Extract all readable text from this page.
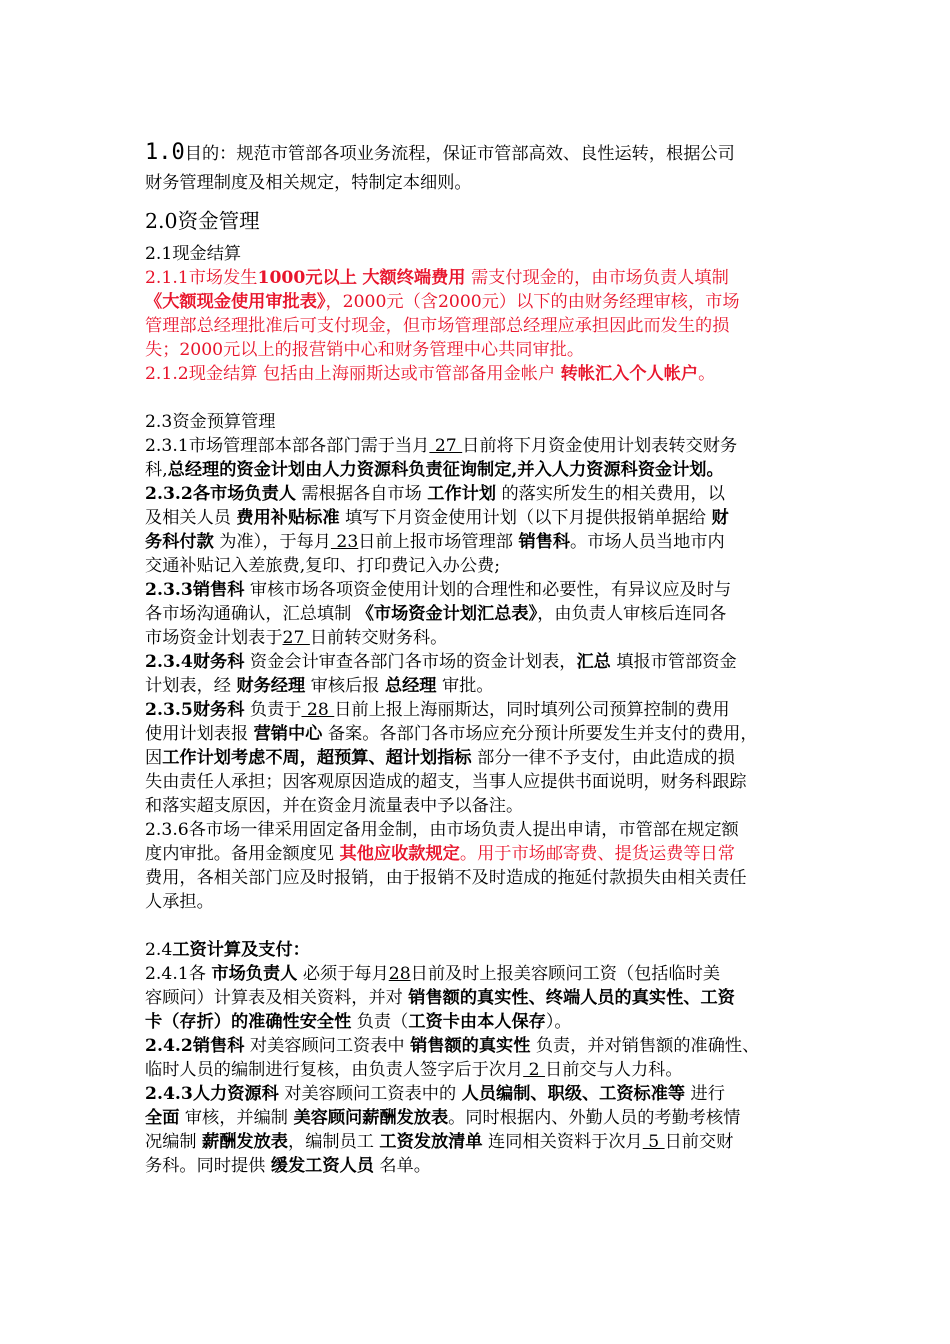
1.0目的：规范市管部各项业务流程，保证市管部高效、良性运转，根据公司
财务管理制度及相关规定，特制定本细则。
2.0资金管理
2.1现金结算
2.1.1市场发生1000元以上 大额终端费用 需支付现金的，由市场负责人填制
《大额现金使用审批表》，2000元（含2000元）以下的由财务经理审核，市场
管理部总经理批准后可支付现金，但市场管理部总经理应承担因此而发生的损
失；2000元以上的报营销中心和财务管理中心共同审批。
2.1.2现金结算 包括由上海丽斯达或市管部备用金帐户 转帐汇入个人帐户。
2.3资金预算管理
2.3.1市场管理部本部各部门需于当月 27 日前将下月资金使用计划表转交财务
科,总经理的资金计划由人力资源科负责征询制定,并入人力资源科资金计划。
2.3.2各市场负责人 需根据各自市场 工作计划 的落实所发生的相关费用，以
及相关人员 费用补贴标准 填写下月资金使用计划（以下月提供报销单据给 财
务科付款 为准），于每月 23日前上报市场管理部 销售科。市场人员当地市内
交通补贴记入差旅费,复印、打印费记入办公费;
2.3.3销售科 审核市场各项资金使用计划的合理性和必要性，有异议应及时与
各市场沟通确认，汇总填制 《市场资金计划汇总表》，由负责人审核后连同各
市场资金计划表于27 日前转交财务科。
2.3.4财务科 资金会计审查各部门各市场的资金计划表，汇总 填报市管部资金
计划表，经 财务经理 审核后报 总经理 审批。
2.3.5财务科 负责于 28 日前上报上海丽斯达，同时填列公司预算控制的费用
使用计划表报 营销中心 备案。各部门各市场应充分预计所要发生并支付的费用，
因工作计划考虑不周，超预算、超计划指标 部分一律不予支付，由此造成的损
失由责任人承担；因客观原因造成的超支，当事人应提供书面说明，财务科跟踪
和落实超支原因，并在资金月流量表中予以备注。
2.3.6各市场一律采用固定备用金制，由市场负责人提出申请，市管部在规定额
度内审批。备用金额度见 其他应收款规定。用于市场邮寄费、提货运费等日常
费用，各相关部门应及时报销，由于报销不及时造成的拖延付款损失由相关责任
人承担。
2.4工资计算及支付：
2.4.1各 市场负责人 必须于每月28日前及时上报美容顾问工资（包括临时美
容顾问）计算表及相关资料，并对 销售额的真实性、终端人员的真实性、工资
卡（存折）的准确性安全性 负责（工资卡由本人保存）。
2.4.2销售科 对美容顾问工资表中 销售额的真实性 负责，并对销售额的准确性、
临时人员的编制进行复核，由负责人签字后于次月 2 日前交与人力科。
2.4.3人力资源科 对美容顾问工资表中的 人员编制、职级、工资标准等 进行
全面 审核，并编制 美容顾问薪酬发放表。同时根据内、外勤人员的考勤考核情
况编制 薪酬发放表，编制员工 工资发放清单 连同相关资料于次月 5 日前交财
务科。同时提供 缓发工资人员 名单。
